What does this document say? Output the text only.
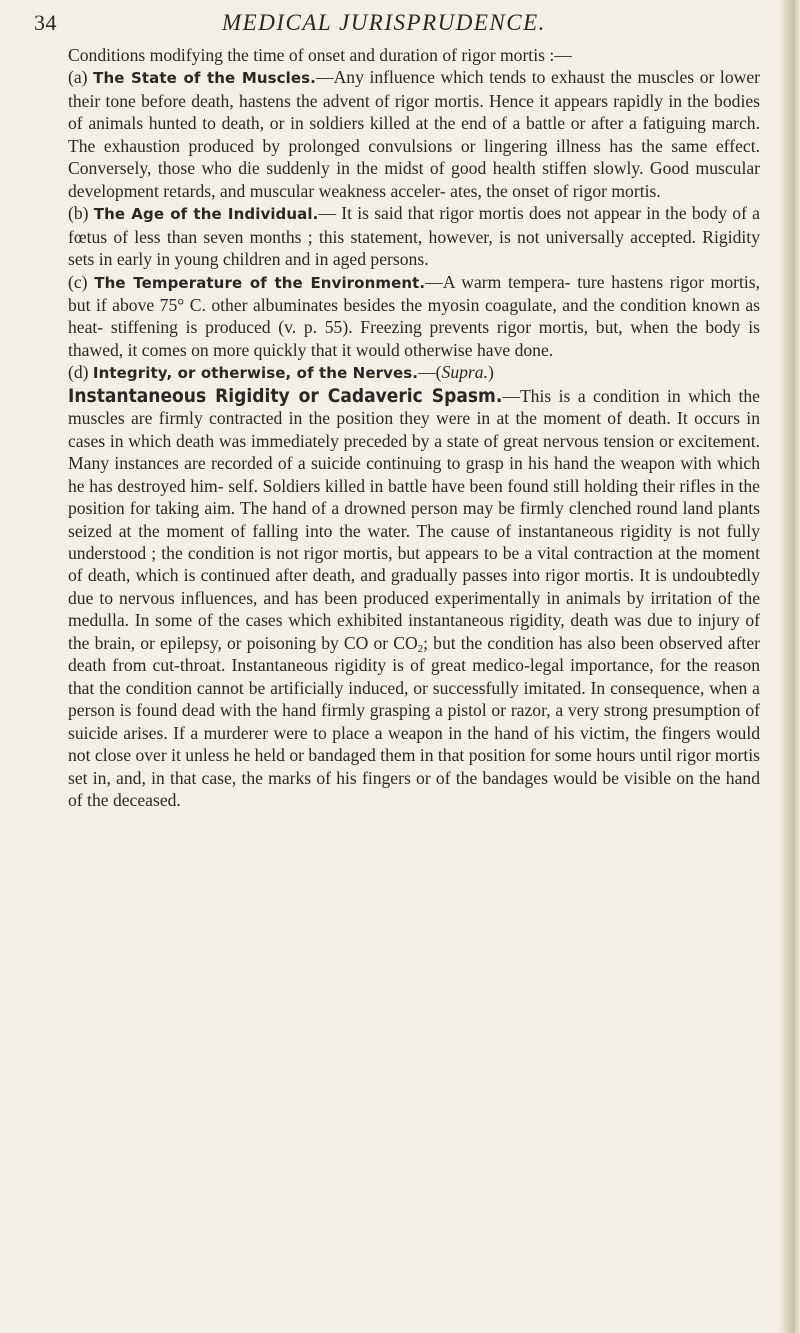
34	MEDICAL JURISPRUDENCE.

Conditions modifying the time of onset and duration of rigor mortis :—

(a) The State of the Muscles.—Any influence which tends to exhaust the muscles or lower their tone before death, hastens the advent of rigor mortis. Hence it appears rapidly in the bodies of animals hunted to death, or in soldiers killed at the end of a battle or after a fatiguing march. The exhaustion produced by prolonged convulsions or lingering illness has the same effect. Conversely, those who die suddenly in the midst of good health stiffen slowly. Good muscular development retards, and muscular weakness acceler- ates, the onset of rigor mortis.

(b) The Age of the Individual.— It is said that rigor mortis does not appear in the body of a fœtus of less than seven months ; this statement, however, is not universally accepted. Rigidity sets in early in young children and in aged persons.

(c) The Temperature of the Environment.—A warm tempera- ture hastens rigor mortis, but if above 75° C. other albuminates besides the myosin coagulate, and the condition known as heat- stiffening is produced (v. p. 55). Freezing prevents rigor mortis, but, when the body is thawed, it comes on more quickly that it would otherwise have done.

(d) Integrity, or otherwise, of the Nerves.—(Supra.)

Instantaneous Rigidity or Cadaveric Spasm.—This is a condition in which the muscles are firmly contracted in the position they were in at the moment of death. It occurs in cases in which death was immediately preceded by a state of great nervous tension or excitement. Many instances are recorded of a suicide continuing to grasp in his hand the weapon with which he has destroyed him- self. Soldiers killed in battle have been found still holding their rifles in the position for taking aim. The hand of a drowned person may be firmly clenched round land plants seized at the moment of falling into the water. The cause of instantaneous rigidity is not fully understood ; the condition is not rigor mortis, but appears to be a vital contraction at the moment of death, which is continued after death, and gradually passes into rigor mortis. It is undoubtedly due to nervous influences, and has been produced experimentally in animals by irritation of the medulla. In some of the cases which exhibited instantaneous rigidity, death was due to injury of the brain, or epilepsy, or poisoning by CO or $CO_2$; but the condition has also been observed after death from cut-throat. Instantaneous rigidity is of great medico-legal importance, for the reason that the condition cannot be artificially induced, or successfully imitated. In consequence, when a person is found dead with the hand firmly grasping a pistol or razor, a very strong presumption of suicide arises. If a murderer were to place a weapon in the hand of his victim, the fingers would not close over it unless he held or bandaged them in that position for some hours until rigor mortis set in, and, in that case, the marks of his fingers or of the bandages would be visible on the hand of the deceased.
